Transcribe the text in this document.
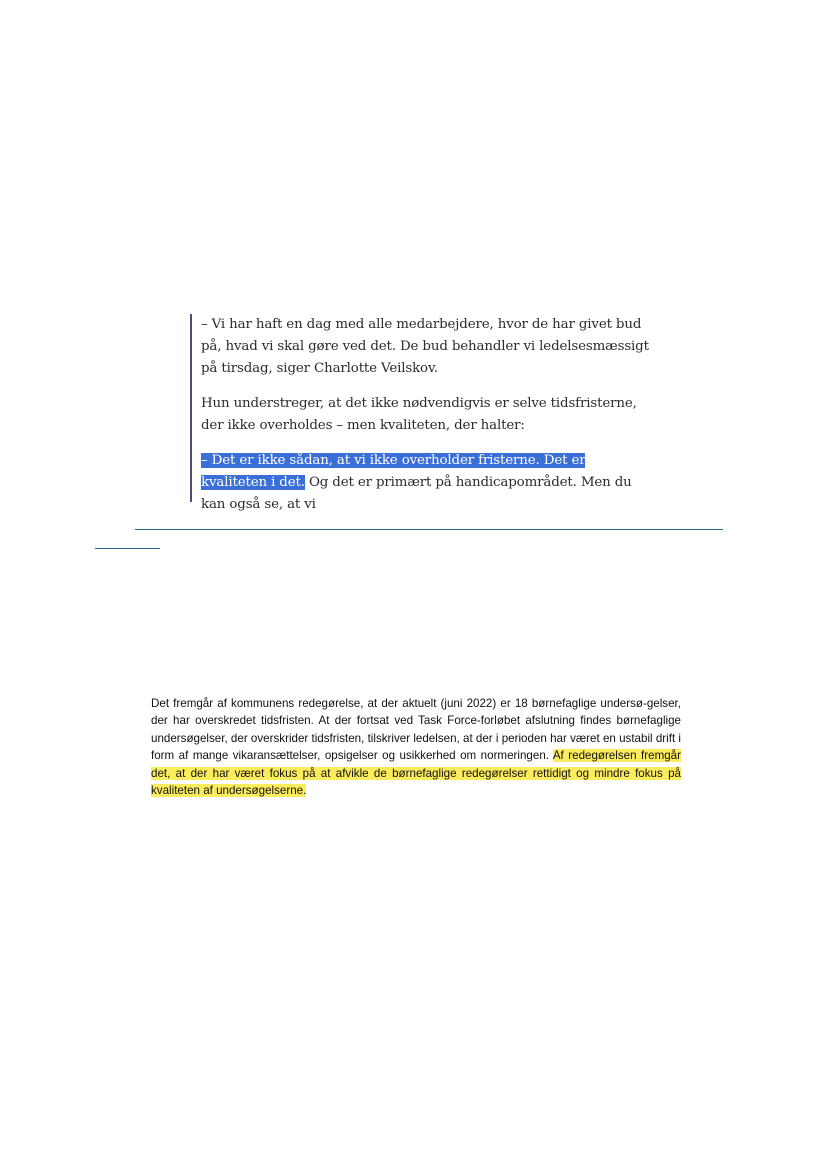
– Vi har haft en dag med alle medarbejdere, hvor de har givet bud på, hvad vi skal gøre ved det. De bud behandler vi ledelsesmæssigt på tirsdag, siger Charlotte Veilskov.

Hun understreger, at det ikke nødvendigvis er selve tidsfristerne, der ikke overholdes – men kvaliteten, der halter:

– Det er ikke sådan, at vi ikke overholder fristerne. Det er kvaliteten i det. Og det er primært på handicapområdet. Men du kan også se, at vi

Det fremgår af kommunens redegørelse, at der aktuelt (juni 2022) er 18 børnefaglige undersø-gelser, der har overskredet tidsfristen. At der fortsat ved Task Force-forløbet afslutning findes børnefaglige undersøgelser, der overskrider tidsfristen, tilskriver ledelsen, at der i perioden har været en ustabil drift i form af mange vikaransættelser, opsigelser og usikkerhed om normeringen. Af redegørelsen fremgår det, at der har været fokus på at afvikle de børnefaglige redegørelser rettidigt og mindre fokus på kvaliteten af undersøgelserne.
